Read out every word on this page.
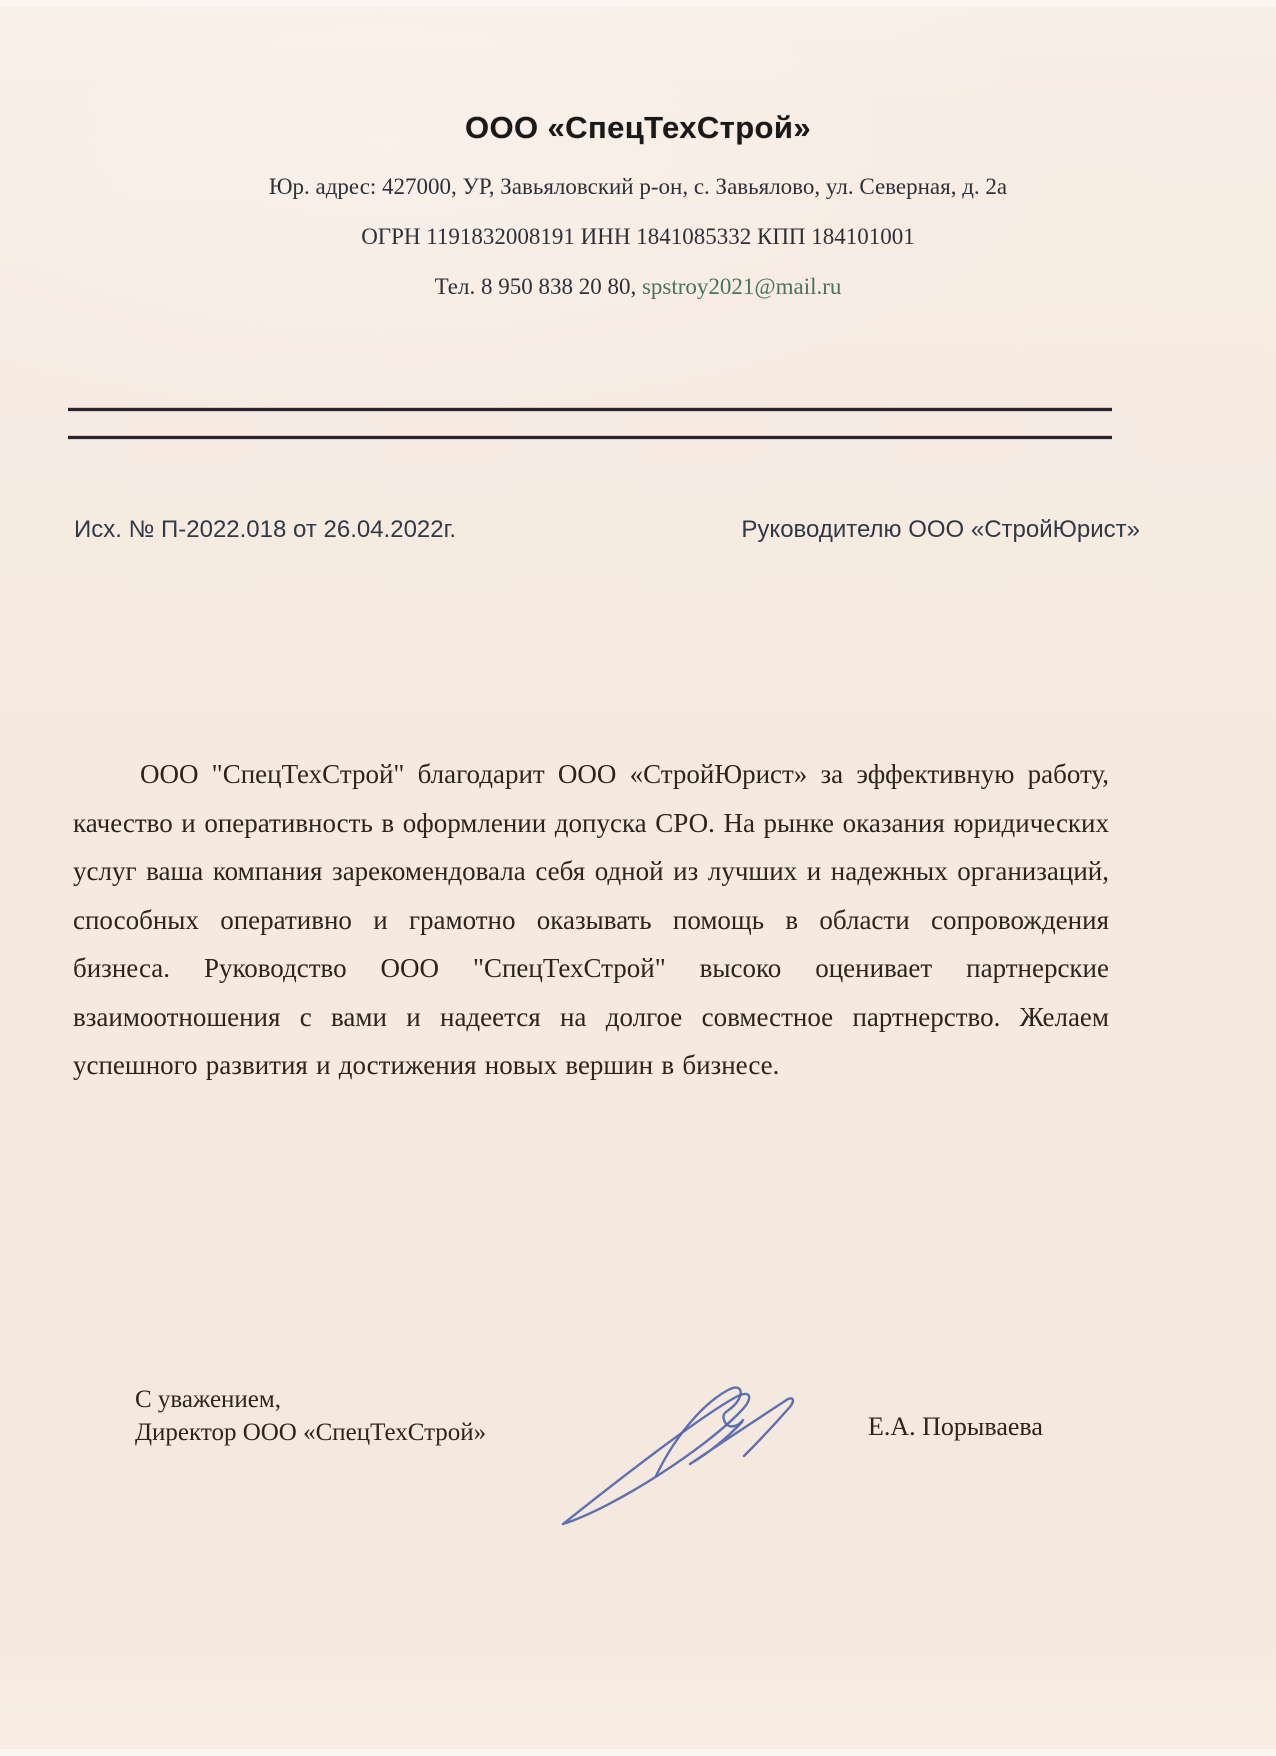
ООО «СпецТехСтрой»
Юр. адрес: 427000, УР, Завьяловский р-он, с. Завьялово, ул. Северная, д. 2а
ОГРН 1191832008191 ИНН 1841085332 КПП 184101001
Тел. 8 950 838 20 80, spstroy2021@mail.ru
Исх. № П-2022.018 от 26.04.2022г.	Руководителю ООО «СтройЮрист»
ООО "СпецТехСтрой" благодарит ООО «СтройЮрист» за эффективную работу, качество и оперативность в оформлении допуска СРО. На рынке оказания юридических услуг ваша компания зарекомендовала себя одной из лучших и надежных организаций, способных оперативно и грамотно оказывать помощь в области сопровождения бизнеса. Руководство ООО "СпецТехСтрой" высоко оценивает партнерские взаимоотношения с вами и надеется на долгое совместное партнерство. Желаем успешного развития и достижения новых вершин в бизнесе.
С уважением,
Директор ООО «СпецТехСтрой»	Е.А. Порываева
